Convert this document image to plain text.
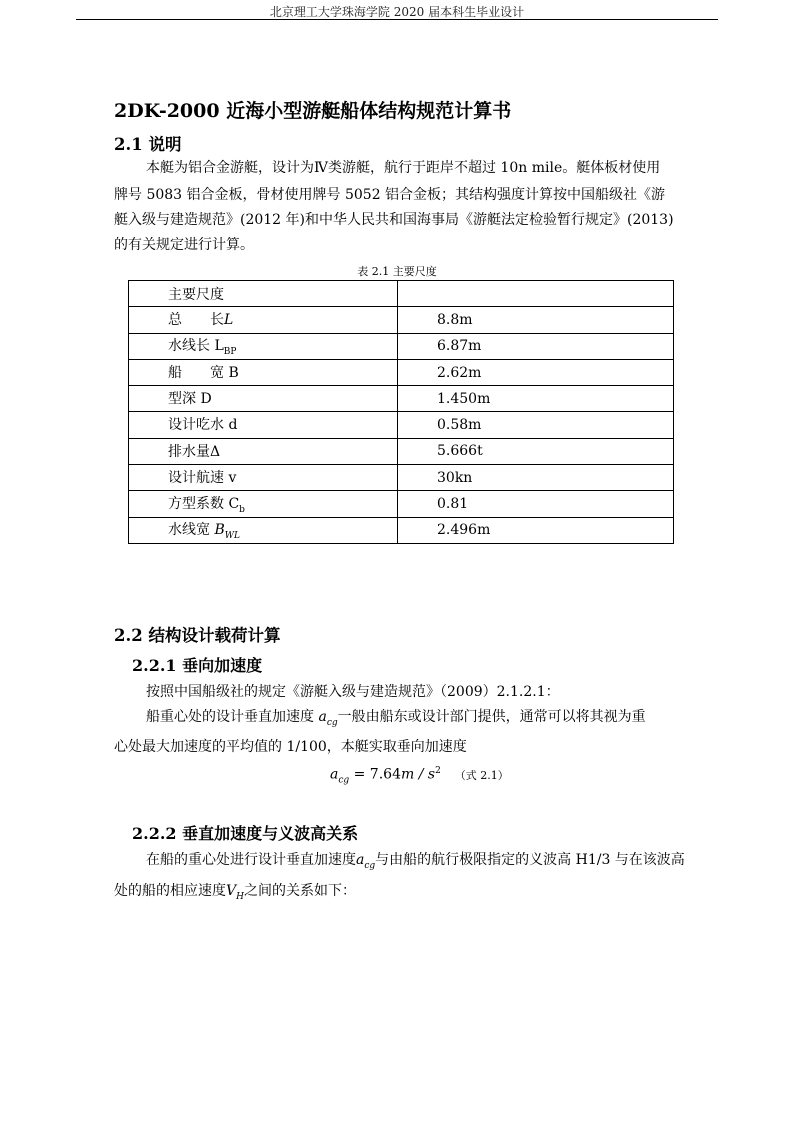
北京理工大学珠海学院 2020 届本科生毕业设计
2DK-2000 近海小型游艇船体结构规范计算书
2.1 说明
本艇为铝合金游艇，设计为Ⅳ类游艇，航行于距岸不超过 10n mile。艇体板材使用
牌号 5083 铝合金板，骨材使用牌号 5052 铝合金板；其结构强度计算按中国船级社《游
艇入级与建造规范》(2012 年)和中华人民共和国海事局《游艇法定检验暂行规定》(2013)
的有关规定进行计算。
表 2.1 主要尺度
主要尺度	
总　　长L	8.8m
水线长 $L_{BP}$	6.87m
船　　宽 B	2.62m
型深 D	1.450m
设计吃水 d	0.58m
排水量Δ	5.666t
设计航速 v	30kn
方型系数 $C_b$	0.81
水线宽 $B_{WL}$	2.496m
2.2 结构设计载荷计算
2.2.1 垂向加速度
按照中国船级社的规定《游艇入级与建造规范》（2009）2.1.2.1：
船重心处的设计垂直加速度 $a_{cg}$一般由船东或设计部门提供，通常可以将其视为重
心处最大加速度的平均值的 1/100，本艇实取垂向加速度
$a_{cg} = 7.64m / s^2$ （式 2.1）
2.2.2 垂直加速度与义波高关系
在船的重心处进行设计垂直加速度$a_{cg}$与由船的航行极限指定的义波高 H1/3 与在该波高
处的船的相应速度$V_H$之间的关系如下：
